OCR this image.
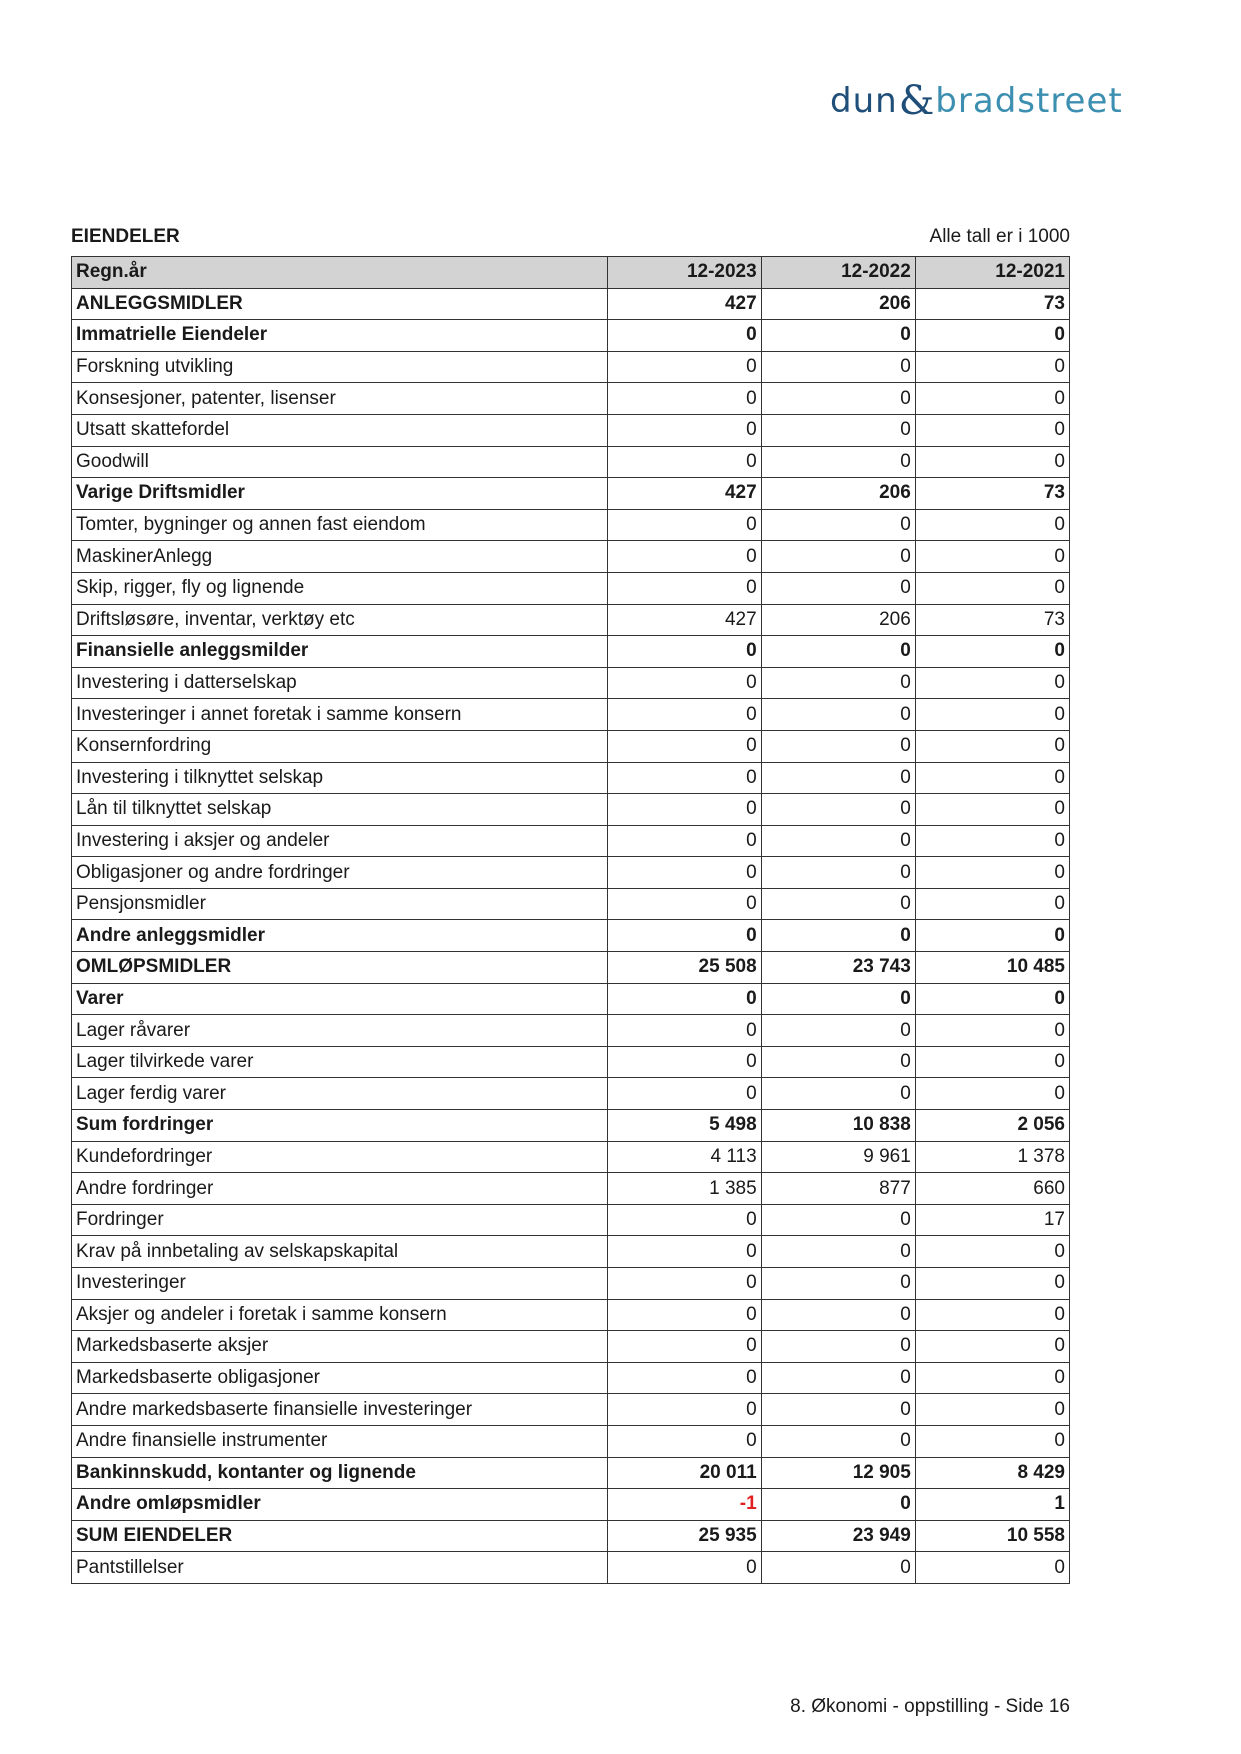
dun & bradstreet
EIENDELER	Alle tall er i 1000
Regn.år	12-2023	12-2022	12-2021
ANLEGGSMIDLER	427	206	73
Immatrielle Eiendeler	0	0	0
Forskning utvikling	0	0	0
Konsesjoner, patenter, lisenser	0	0	0
Utsatt skattefordel	0	0	0
Goodwill	0	0	0
Varige Driftsmidler	427	206	73
Tomter, bygninger og annen fast eiendom	0	0	0
MaskinerAnlegg	0	0	0
Skip, rigger, fly og lignende	0	0	0
Driftsløsøre, inventar, verktøy etc	427	206	73
Finansielle anleggsmilder	0	0	0
Investering i datterselskap	0	0	0
Investeringer i annet foretak i samme konsern	0	0	0
Konsernfordring	0	0	0
Investering i tilknyttet selskap	0	0	0
Lån til tilknyttet selskap	0	0	0
Investering i aksjer og andeler	0	0	0
Obligasjoner og andre fordringer	0	0	0
Pensjonsmidler	0	0	0
Andre anleggsmidler	0	0	0
OMLØPSMIDLER	25 508	23 743	10 485
Varer	0	0	0
Lager råvarer	0	0	0
Lager tilvirkede varer	0	0	0
Lager ferdig varer	0	0	0
Sum fordringer	5 498	10 838	2 056
Kundefordringer	4 113	9 961	1 378
Andre fordringer	1 385	877	660
Fordringer	0	0	17
Krav på innbetaling av selskapskapital	0	0	0
Investeringer	0	0	0
Aksjer og andeler i foretak i samme konsern	0	0	0
Markedsbaserte aksjer	0	0	0
Markedsbaserte obligasjoner	0	0	0
Andre markedsbaserte finansielle investeringer	0	0	0
Andre finansielle instrumenter	0	0	0
Bankinnskudd, kontanter og lignende	20 011	12 905	8 429
Andre omløpsmidler	-1	0	1
SUM EIENDELER	25 935	23 949	10 558
Pantstillelser	0	0	0
8. Økonomi - oppstilling - Side 16
